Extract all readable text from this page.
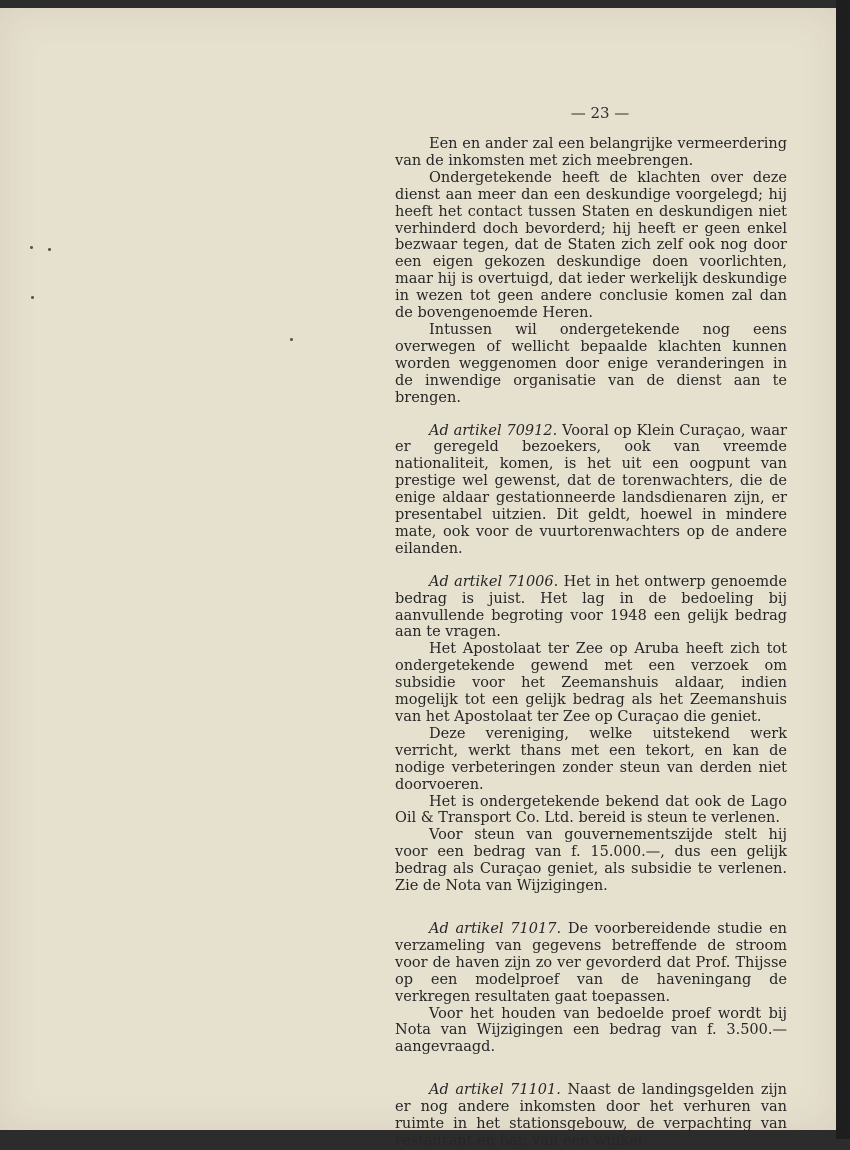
— 23 —

Een en ander zal een belangrijke vermeerdering van de inkomsten met zich meebrengen.

Ondergetekende heeft de klachten over deze dienst aan meer dan een deskundige voorgelegd; hij heeft het contact tussen Staten en deskundigen niet verhinderd doch bevorderd; hij heeft er geen enkel bezwaar tegen, dat de Staten zich zelf ook nog door een eigen gekozen deskundige doen voorlichten, maar hij is overtuigd, dat ieder werkelijk deskundige in wezen tot geen andere conclusie komen zal dan de bovengenoemde Heren.

Intussen wil ondergetekende nog eens overwegen of wellicht bepaalde klachten kunnen worden weggenomen door enige veranderingen in de inwendige organisatie van de dienst aan te brengen.

Ad artikel 70912. Vooral op Klein Curaçao, waar er geregeld bezoekers, ook van vreemde nationaliteit, komen, is het uit een oogpunt van prestige wel gewenst, dat de torenwachters, die de enige aldaar gestationneerde landsdienaren zijn, er presentabel uitzien. Dit geldt, hoewel in mindere mate, ook voor de vuurtorenwachters op de andere eilanden.

Ad artikel 71006. Het in het ontwerp genoemde bedrag is juist. Het lag in de bedoeling bij aanvullende begroting voor 1948 een gelijk bedrag aan te vragen.

Het Apostolaat ter Zee op Aruba heeft zich tot ondergetekende gewend met een verzoek om subsidie voor het Zeemanshuis aldaar, indien mogelijk tot een gelijk bedrag als het Zeemanshuis van het Apostolaat ter Zee op Curaçao die geniet.

Deze vereniging, welke uitstekend werk verricht, werkt thans met een tekort, en kan de nodige verbeteringen zonder steun van derden niet doorvoeren.

Het is ondergetekende bekend dat ook de Lago Oil & Transport Co. Ltd. bereid is steun te verlenen.

Voor steun van gouvernementszijde stelt hij voor een bedrag van f. 15.000.—, dus een gelijk bedrag als Curaçao geniet, als subsidie te verlenen. Zie de Nota van Wijzigingen.

Ad artikel 71017. De voorbereidende studie en verzameling van gegevens betreffende de stroom voor de haven zijn zo ver gevorderd dat Prof. Thijsse op een modelproef van de haveningang de verkregen resultaten gaat toepassen.

Voor het houden van bedoelde proef wordt bij Nota van Wijzigingen een bedrag van f. 3.500.— aangevraagd.

Ad artikel 71101. Naast de landingsgelden zijn er nog andere inkomsten door het verhuren van ruimte in het stationsgebouw, de verpachting van restaurant en bar, van een winkel.
